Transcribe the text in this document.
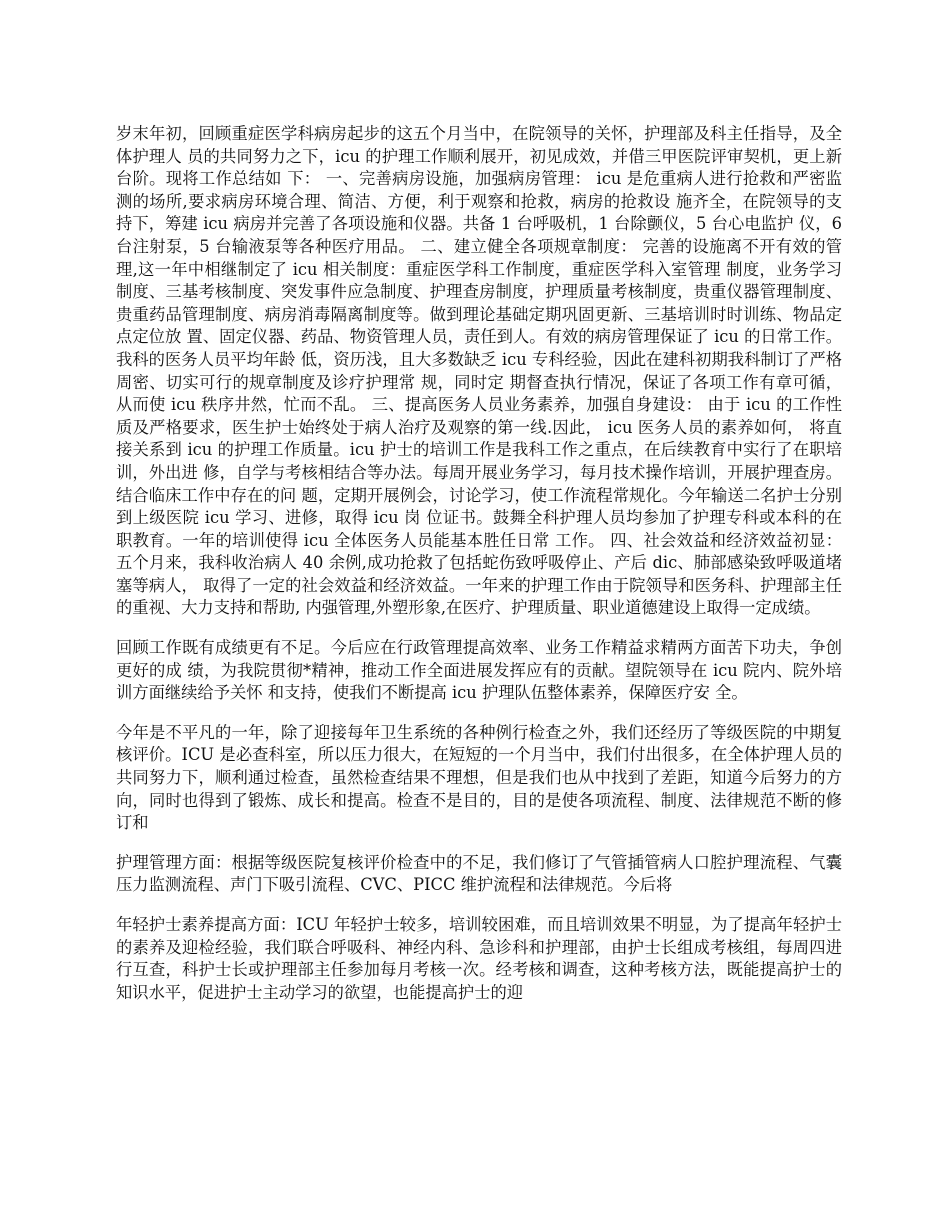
岁末年初，回顾重症医学科病房起步的这五个月当中，在院领导的关怀，护理部及科主任指导，及全体护理人 员的共同努力之下，icu 的护理工作顺利展开，初见成效，并借三甲医院评审契机，更上新台阶。现将工作总结如 下： 一、完善病房设施，加强病房管理： icu 是危重病人进行抢救和严密监测的场所,要求病房环境合理、简洁、方便，利于观察和抢救，病房的抢救设 施齐全，在院领导的支持下，筹建 icu 病房并完善了各项设施和仪器。共备 1 台呼吸机，1 台除颤仪，5 台心电监护 仪，6 台注射泵，5 台输液泵等各种医疗用品。 二、建立健全各项规章制度： 完善的设施离不开有效的管理,这一年中相继制定了 icu 相关制度：重症医学科工作制度，重症医学科入室管理 制度，业务学习制度、三基考核制度、突发事件应急制度、护理查房制度，护理质量考核制度，贵重仪器管理制度、贵重药品管理制度、病房消毒隔离制度等。做到理论基础定期巩固更新、三基培训时时训练、物品定点定位放 置、固定仪器、药品、物资管理人员，责任到人。有效的病房管理保证了 icu 的日常工作。我科的医务人员平均年龄 低，资历浅，且大多数缺乏 icu 专科经验，因此在建科初期我科制订了严格周密、切实可行的规章制度及诊疗护理常 规，同时定 期督查执行情况，保证了各项工作有章可循，从而使 icu 秩序井然，忙而不乱。 三、提高医务人员业务素养，加强自身建设： 由于 icu 的工作性质及严格要求，医生护士始终处于病人治疗及观察的第一线.因此， icu 医务人员的素养如何， 将直接关系到 icu 的护理工作质量。icu 护士的培训工作是我科工作之重点，在后续教育中实行了在职培训，外出进 修，自学与考核相结合等办法。每周开展业务学习，每月技术操作培训，开展护理查房。结合临床工作中存在的问 题，定期开展例会，讨论学习，使工作流程常规化。今年输送二名护士分别到上级医院 icu 学习、进修，取得 icu 岗 位证书。鼓舞全科护理人员均参加了护理专科或本科的在职教育。一年的培训使得 icu 全体医务人员能基本胜任日常 工作。 四、社会效益和经济效益初显： 五个月来，我科收治病人 40 余例,成功抢救了包括蛇伤致呼吸停止、产后 dic、肺部感染致呼吸道堵塞等病人， 取得了一定的社会效益和经济效益。一年来的护理工作由于院领导和医务科、护理部主任的重视、大力支持和帮助, 内强管理,外塑形象,在医疗、护理质量、职业道德建设上取得一定成绩。

回顾工作既有成绩更有不足。今后应在行政管理提高效率、业务工作精益求精两方面苦下功夫，争创更好的成 绩，为我院贯彻*精神，推动工作全面进展发挥应有的贡献。望院领导在 icu 院内、院外培训方面继续给予关怀 和支持，使我们不断提高 icu 护理队伍整体素养，保障医疗安 全。

今年是不平凡的一年，除了迎接每年卫生系统的各种例行检查之外，我们还经历了等级医院的中期复核评价。ICU 是必查科室，所以压力很大，在短短的一个月当中，我们付出很多，在全体护理人员的共同努力下，顺利通过检查，虽然检查结果不理想，但是我们也从中找到了差距，知道今后努力的方向，同时也得到了锻炼、成长和提高。检查不是目的，目的是使各项流程、制度、法律规范不断的修订和

护理管理方面：根据等级医院复核评价检查中的不足，我们修订了气管插管病人口腔护理流程、气囊压力监测流程、声门下吸引流程、CVC、PICC 维护流程和法律规范。今后将

年轻护士素养提高方面：ICU 年轻护士较多，培训较困难，而且培训效果不明显，为了提高年轻护士的素养及迎检经验，我们联合呼吸科、神经内科、急诊科和护理部，由护士长组成考核组，每周四进行互查，科护士长或护理部主任参加每月考核一次。经考核和调查，这种考核方法，既能提高护士的知识水平，促进护士主动学习的欲望，也能提高护士的迎
